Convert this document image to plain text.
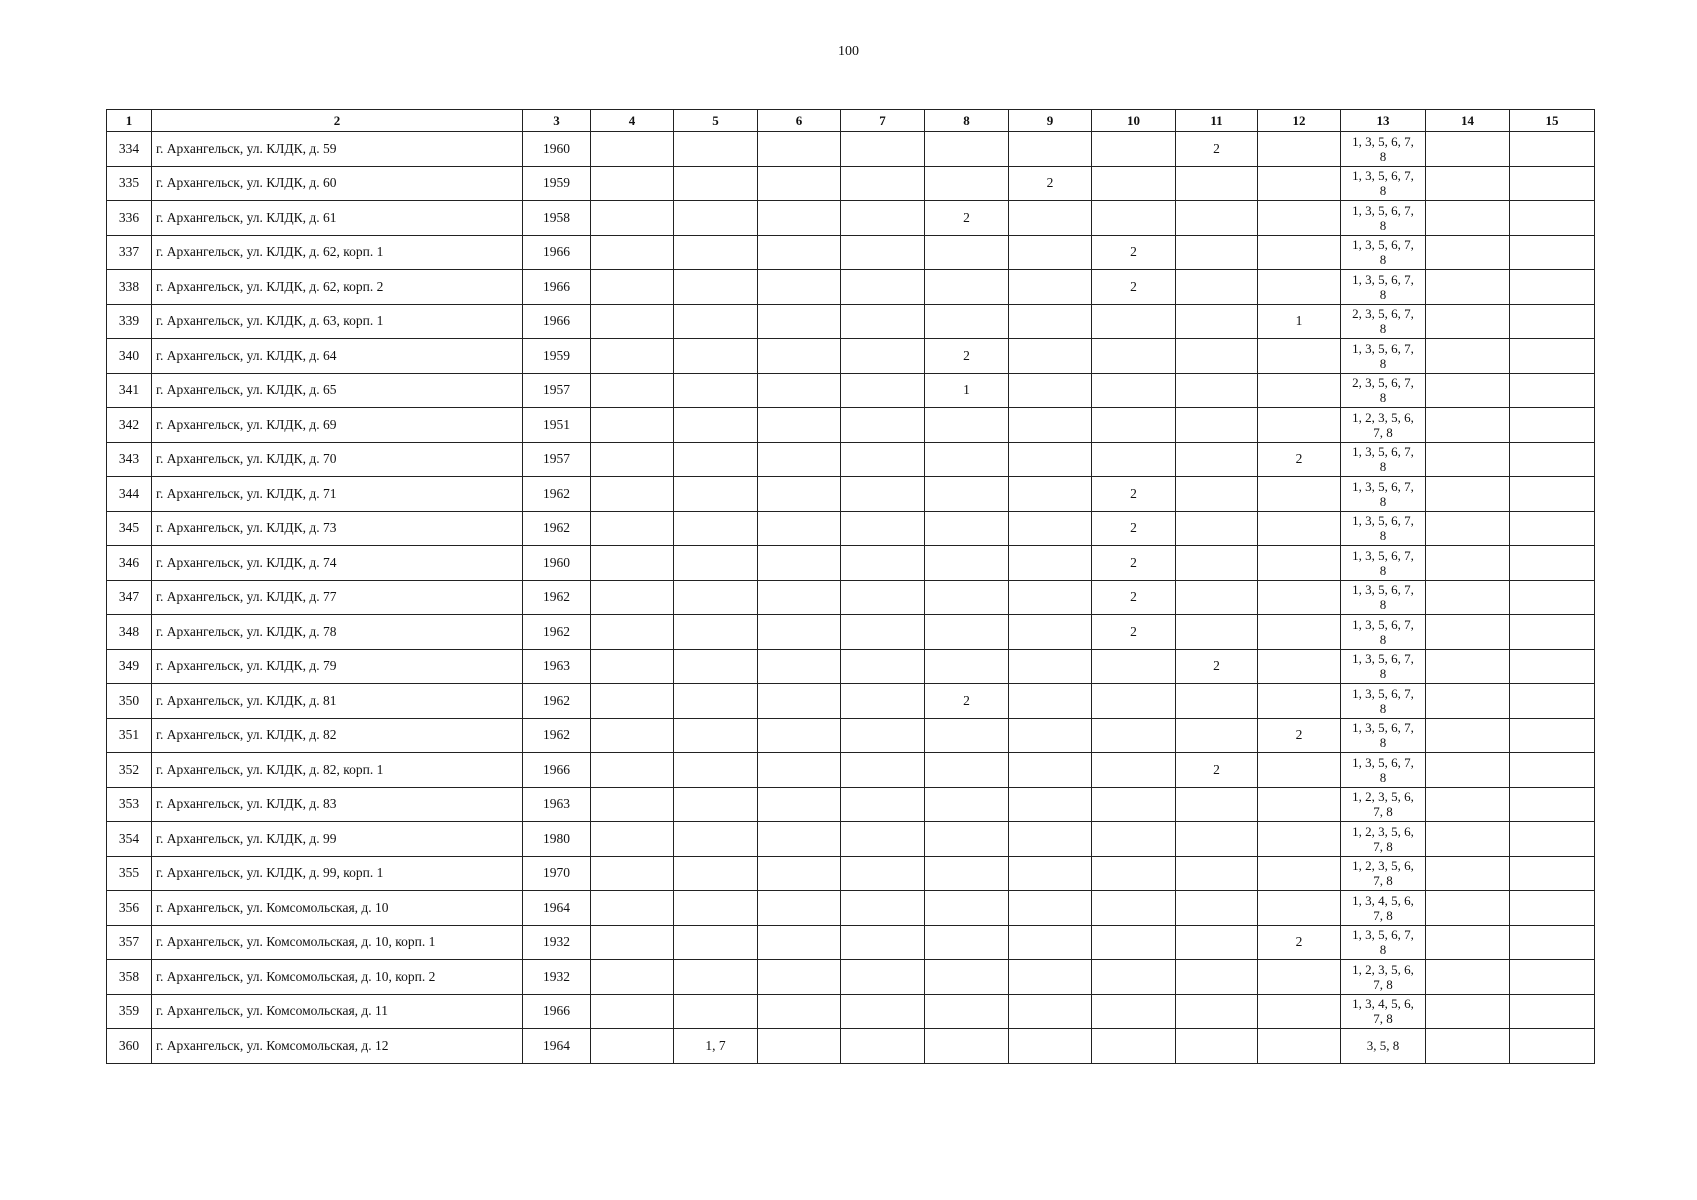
100
1	2	3	4	5	6	7	8	9	10	11	12	13	14	15
334	г. Архангельск, ул. КЛДК, д. 59	1960								2		1, 3, 5, 6, 7, 8		
335	г. Архангельск, ул. КЛДК, д. 60	1959						2				1, 3, 5, 6, 7, 8		
336	г. Архангельск, ул. КЛДК, д. 61	1958					2					1, 3, 5, 6, 7, 8		
337	г. Архангельск, ул. КЛДК, д. 62, корп. 1	1966							2			1, 3, 5, 6, 7, 8		
338	г. Архангельск, ул. КЛДК, д. 62, корп. 2	1966							2			1, 3, 5, 6, 7, 8		
339	г. Архангельск, ул. КЛДК, д. 63, корп. 1	1966									1	2, 3, 5, 6, 7, 8		
340	г. Архангельск, ул. КЛДК, д. 64	1959					2					1, 3, 5, 6, 7, 8		
341	г. Архангельск, ул. КЛДК, д. 65	1957					1					2, 3, 5, 6, 7, 8		
342	г. Архангельск, ул. КЛДК, д. 69	1951										1, 2, 3, 5, 6, 7, 8		
343	г. Архангельск, ул. КЛДК, д. 70	1957									2	1, 3, 5, 6, 7, 8		
344	г. Архангельск, ул. КЛДК, д. 71	1962							2			1, 3, 5, 6, 7, 8		
345	г. Архангельск, ул. КЛДК, д. 73	1962							2			1, 3, 5, 6, 7, 8		
346	г. Архангельск, ул. КЛДК, д. 74	1960							2			1, 3, 5, 6, 7, 8		
347	г. Архангельск, ул. КЛДК, д. 77	1962							2			1, 3, 5, 6, 7, 8		
348	г. Архангельск, ул. КЛДК, д. 78	1962							2			1, 3, 5, 6, 7, 8		
349	г. Архангельск, ул. КЛДК, д. 79	1963								2		1, 3, 5, 6, 7, 8		
350	г. Архангельск, ул. КЛДК, д. 81	1962					2					1, 3, 5, 6, 7, 8		
351	г. Архангельск, ул. КЛДК, д. 82	1962									2	1, 3, 5, 6, 7, 8		
352	г. Архангельск, ул. КЛДК, д. 82, корп. 1	1966								2		1, 3, 5, 6, 7, 8		
353	г. Архангельск, ул. КЛДК, д. 83	1963										1, 2, 3, 5, 6, 7, 8		
354	г. Архангельск, ул. КЛДК, д. 99	1980										1, 2, 3, 5, 6, 7, 8		
355	г. Архангельск, ул. КЛДК, д. 99, корп. 1	1970										1, 2, 3, 5, 6, 7, 8		
356	г. Архангельск, ул. Комсомольская, д. 10	1964										1, 3, 4, 5, 6, 7, 8		
357	г. Архангельск, ул. Комсомольская, д. 10, корп. 1	1932									2	1, 3, 5, 6, 7, 8		
358	г. Архангельск, ул. Комсомольская, д. 10, корп. 2	1932										1, 2, 3, 5, 6, 7, 8		
359	г. Архангельск, ул. Комсомольская, д. 11	1966										1, 3, 4, 5, 6, 7, 8		
360	г. Архангельск, ул. Комсомольская, д. 12	1964		1, 7								3, 5, 8		
